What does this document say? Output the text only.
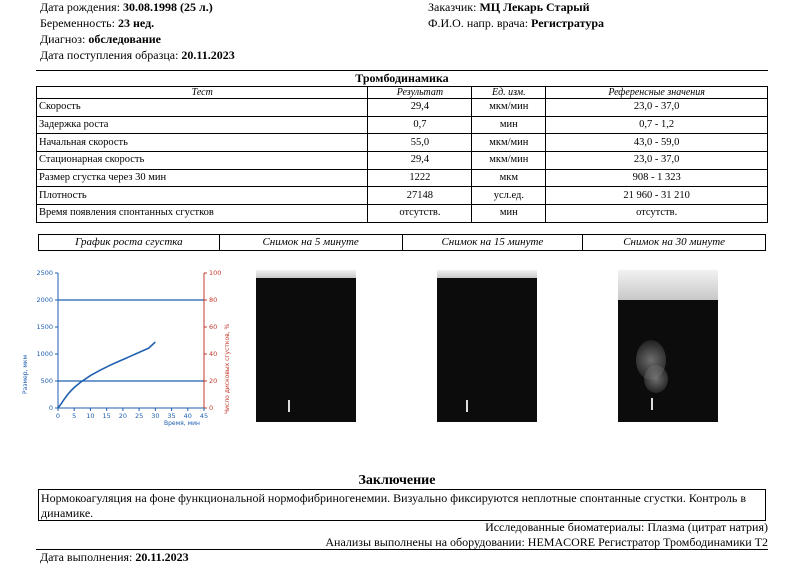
Дата рождения: 30.08.1998 (25 л.)
Беременность: 23 нед.
Диагноз: обследование
Дата поступления образца: 20.11.2023
Заказчик: МЦ Лекарь Старый
Ф.И.О. напр. врача: Регистратура
Тромбодинамика
Тест	Результат	Ед. изм.	Референсные значения
Скорость	29,4	мкм/мин	23,0 - 37,0
Задержка роста	0,7	мин	0,7 - 1,2
Начальная скорость	55,0	мкм/мин	43,0 - 59,0
Стационарная скорость	29,4	мкм/мин	23,0 - 37,0
Размер сгустка через 30 мин	1222	мкм	908 - 1 323
Плотность	27148	усл.ед.	21 960 - 31 210
Время появления спонтанных сгустков	отсутств.	мин	отсутств.
График роста сгустка	Снимок на 5 минуте	Снимок на 15 минуте	Снимок на 30 минуте
0
500
1000
1500
2000
2500
0
20
40
60
80
100
0 5 10 15 20 25 30 35 40 45
Размер, мкм	Число дисковых сгустков, %
Время, мин
Заключение
Нормокоагуляция на фоне функциональной нормофибриногенемии. Визуально фиксируются неплотные спонтанные сгустки. Контроль в динамике.
Исследованные биоматериалы: Плазма (цитрат натрия)
Анализы выполнены на оборудовании: HEMACORE Регистратор Тромбодинамики Т2
Дата выполнения: 20.11.2023
